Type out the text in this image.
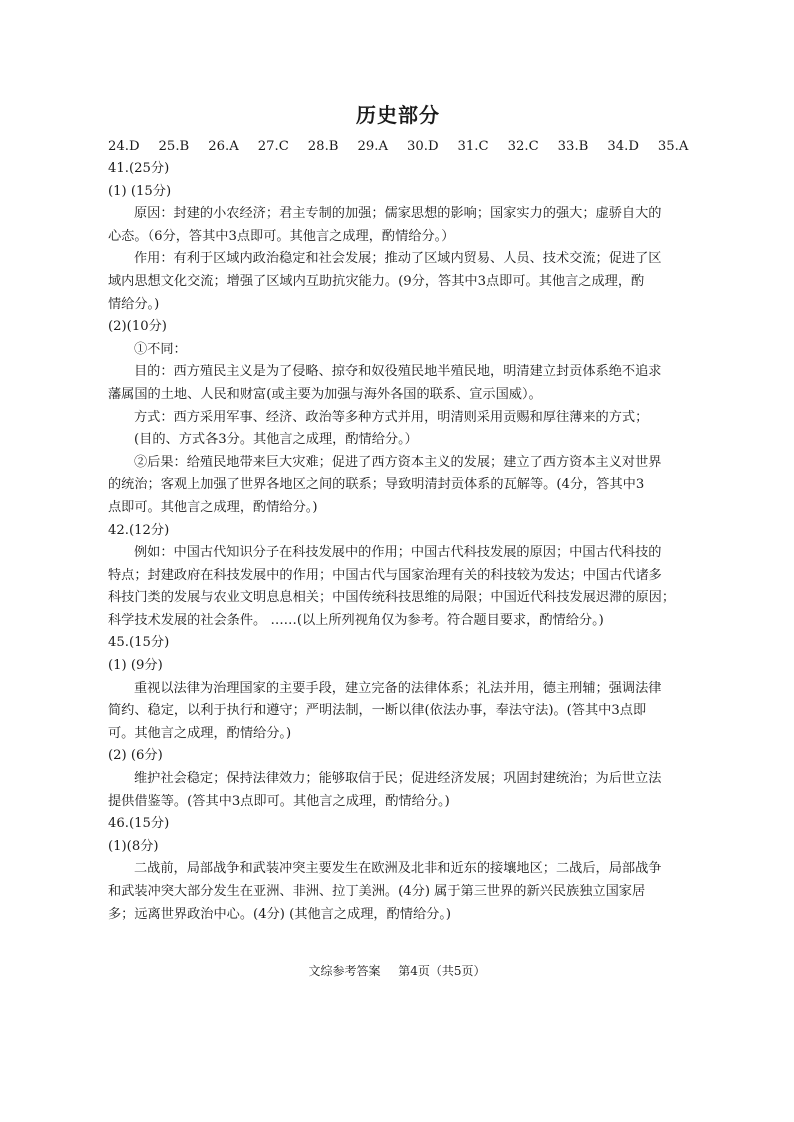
历史部分
24.D 25.B 26.A 27.C 28.B 29.A 30.D 31.C 32.C 33.B 34.D 35.A
41.(25分)
(1) (15分)
原因：封建的小农经济；君主专制的加强；儒家思想的影响；国家实力的强大；虚骄自大的
心态。（6分，答其中3点即可。其他言之成理，酌情给分。）
作用：有利于区域内政治稳定和社会发展；推动了区域内贸易、人员、技术交流；促进了区
域内思想文化交流；增强了区域内互助抗灾能力。(9分，答其中3点即可。其他言之成理，酌
情给分。)
(2)(10分)
①不同：
目的：西方殖民主义是为了侵略、掠夺和奴役殖民地半殖民地，明清建立封贡体系绝不追求
藩属国的土地、人民和财富(或主要为加强与海外各国的联系、宣示国威）。
方式：西方采用军事、经济、政治等多种方式并用，明清则采用贡赐和厚往薄来的方式；
(目的、方式各3分。其他言之成理，酌情给分。）
②后果：给殖民地带来巨大灾难；促进了西方资本主义的发展；建立了西方资本主义对世界
的统治；客观上加强了世界各地区之间的联系；导致明清封贡体系的瓦解等。(4分，答其中3
点即可。其他言之成理，酌情给分。)
42.(12分)
例如：中国古代知识分子在科技发展中的作用；中国古代科技发展的原因；中国古代科技的
特点；封建政府在科技发展中的作用；中国古代与国家治理有关的科技较为发达；中国古代诸多
科技门类的发展与农业文明息息相关；中国传统科技思维的局限；中国近代科技发展迟滞的原因；
科学技术发展的社会条件。 ……(以上所列视角仅为参考。符合题目要求，酌情给分。)
45.(15分)
(1) (9分)
重视以法律为治理国家的主要手段，建立完备的法律体系；礼法并用，德主刑辅；强调法律
简约、稳定，以利于执行和遵守；严明法制，一断以律(依法办事，奉法守法)。(答其中3点即
可。其他言之成理，酌情给分。)
(2) (6分)
维护社会稳定；保持法律效力；能够取信于民；促进经济发展；巩固封建统治；为后世立法
提供借鉴等。(答其中3点即可。其他言之成理，酌情给分。)
46.(15分)
(1)(8分)
二战前，局部战争和武装冲突主要发生在欧洲及北非和近东的接壤地区；二战后，局部战争
和武装冲突大部分发生在亚洲、非洲、拉丁美洲。(4分) 属于第三世界的新兴民族独立国家居
多；远离世界政治中心。(4分) (其他言之成理，酌情给分。)
文综参考答案 第4页（共5页）
